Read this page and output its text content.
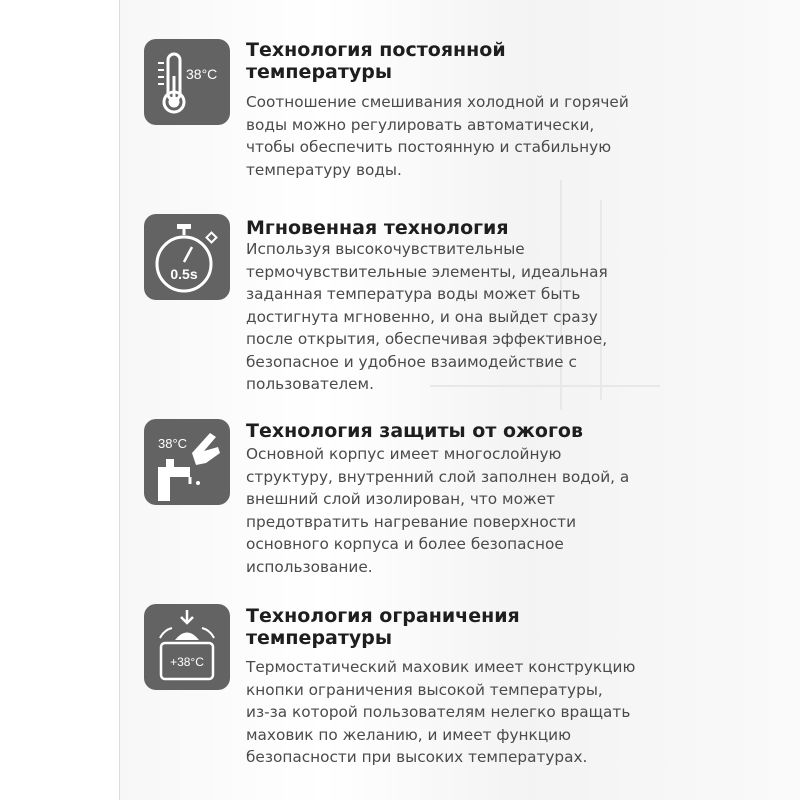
38°C
Технология постоянной
температуры

Соотношение смешивания холодной и горячей
воды можно регулировать автоматически,
чтобы обеспечить постоянную и стабильную
температуру воды.

0.5s
Мгновенная технология

Используя высокочувствительные
термочувствительные элементы, идеальная
заданная температура воды может быть
достигнута мгновенно, и она выйдет сразу
после открытия, обеспечивая эффективное,
безопасное и удобное взаимодействие с
пользователем.

38°C
Технология защиты от ожогов

Основной корпус имеет многослойную
структуру, внутренний слой заполнен водой, а
внешний слой изолирован, что может
предотвратить нагревание поверхности
основного корпуса и более безопасное
использование.

+38°C
Технология ограничения
температуры

Термостатический маховик имеет конструкцию
кнопки ограничения высокой температуры,
из-за которой пользователям нелегко вращать
маховик по желанию, и имеет функцию
безопасности при высоких температурах.
